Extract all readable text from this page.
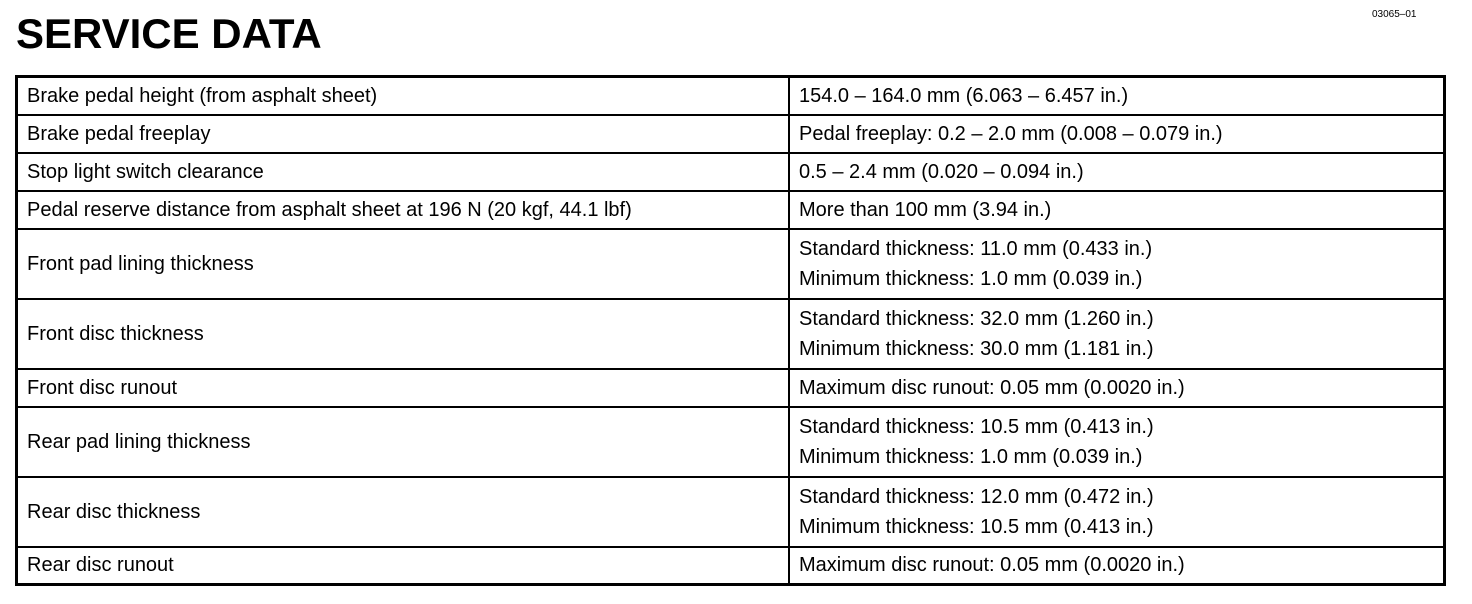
03065–01
SERVICE DATA
Brake pedal height (from asphalt sheet)	154.0 – 164.0 mm (6.063 – 6.457 in.)

Brake pedal freeplay	Pedal freeplay: 0.2 – 2.0 mm (0.008 – 0.079 in.)

Stop light switch clearance	0.5 – 2.4 mm (0.020 – 0.094 in.)

Pedal reserve distance from asphalt sheet at 196 N (20 kgf, 44.1 lbf)	More than 100 mm (3.94 in.)

Front pad lining thickness	Standard thickness: 11.0 mm (0.433 in.)
Minimum thickness: 1.0 mm (0.039 in.)

Front disc thickness	Standard thickness: 32.0 mm (1.260 in.)
Minimum thickness: 30.0 mm (1.181 in.)

Front disc runout	Maximum disc runout: 0.05 mm (0.0020 in.)

Rear pad lining thickness	Standard thickness: 10.5 mm (0.413 in.)
Minimum thickness: 1.0 mm (0.039 in.)

Rear disc thickness	Standard thickness: 12.0 mm (0.472 in.)
Minimum thickness: 10.5 mm (0.413 in.)

Rear disc runout	Maximum disc runout: 0.05 mm (0.0020 in.)
